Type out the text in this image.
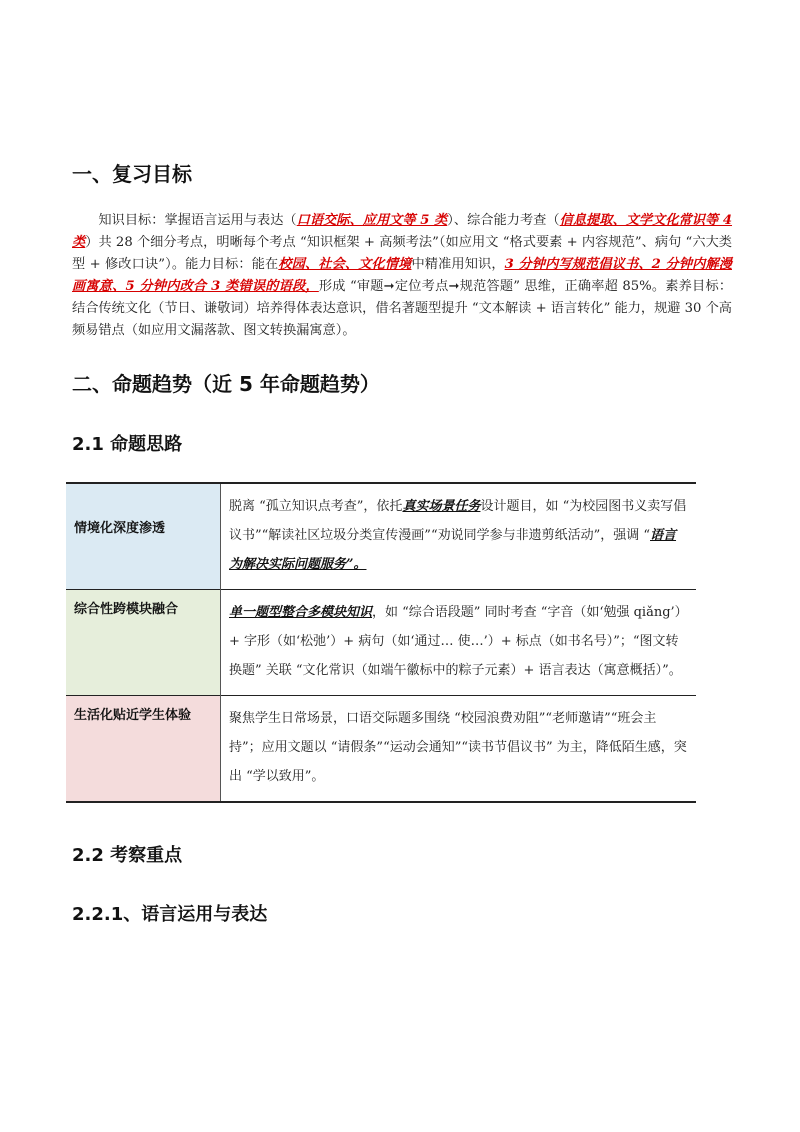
一、复习目标
知识目标：掌握语言运用与表达（口语交际、应用文等 5 类）、综合能力考查（信息提取、文学文化常识等 4 类）共 28 个细分考点，明晰每个考点 “知识框架 + 高频考法”（如应用文 “格式要素 + 内容规范”、病句 “六大类型 + 修改口诀”）。能力目标：能在校园、社会、文化情境中精准用知识，3 分钟内写规范倡议书、2 分钟内解漫画寓意、5 分钟内改合 3 类错误的语段，形成 “审题➞定位考点➞规范答题” 思维，正确率超 85%。素养目标：结合传统文化（节日、谦敬词）培养得体表达意识，借名著题型提升 “文本解读 + 语言转化” 能力，规避 30 个高频易错点（如应用文漏落款、图文转换漏寓意）。
二、命题趋势（近 5 年命题趋势）
2.1 命题思路
情境化深度渗透	脱离 “孤立知识点考查”，依托真实场景任务设计题目，如 “为校园图书义卖写倡议书”“解读社区垃圾分类宣传漫画”“劝说同学参与非遗剪纸活动”，强调 “语言为解决实际问题服务”。
综合性跨模块融合	单一题型整合多模块知识，如 “综合语段题” 同时考查 “字音（如‘勉强 qiǎng’）+ 字形（如‘松弛’）+ 病句（如‘通过… 使…’）+ 标点（如书名号）”；“图文转换题” 关联 “文化常识（如端午徽标中的粽子元素）+ 语言表达（寓意概括）”。
生活化贴近学生体验	聚焦学生日常场景，口语交际题多围绕 “校园浪费劝阻”“老师邀请”“班会主持”；应用文题以 “请假条”“运动会通知”“读书节倡议书” 为主，降低陌生感，突出 “学以致用”。
2.2 考察重点
2.2.1、语言运用与表达
